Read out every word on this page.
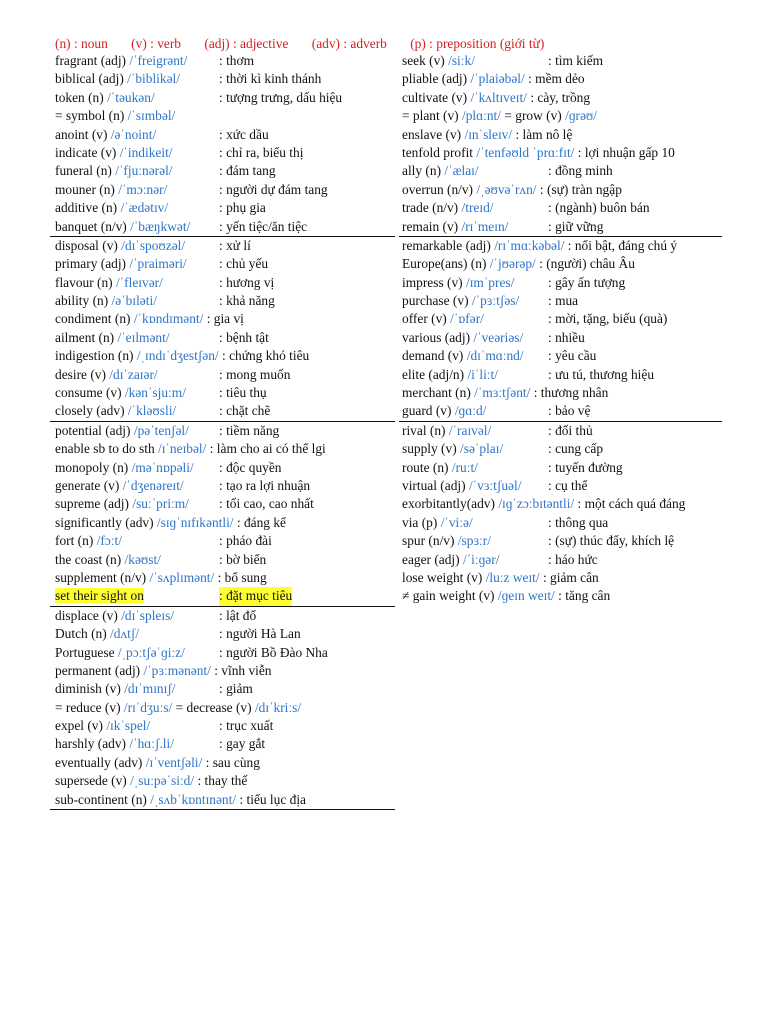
(n) : noun (v) : verb (adj) : adjective (adv) : adverb (p) : preposition (giới từ)
fragrant (adj) /ˈfreigrənt/ : thơm
biblical (adj) /ˈbiblikəl/	: thời kì kinh thánh
token (n) /ˈtəukən/	: tượng trưng, dấu hiệu
= symbol (n) /ˈsɪmbəl/
anoint (v) /əˈnoint/	: xức dầu
indicate (v) /ˈindikeit/	: chỉ ra, biểu thị
funeral (n) /ˈfjuːnərəl/	: đám tang
mouner (n) /ˈmɔːnər/	: người dự đám tang
additive (n) /ˈædətɪv/	: phụ gia
banquet (n/v) /ˈbæŋkwət/ : yến tiệc/ăn tiệc
disposal (v) /dɪˈspoʊzəl/	: xử lí
primary (adj) /ˈpraiməri/ : chủ yếu
flavour (n) /ˈfleɪvər/	: hương vị
ability (n) /əˈbɪləti/	: khả năng
condiment (n) /ˈkɒndɪmənt/ : gia vị
ailment (n) /ˈeɪlmənt/	: bệnh tật
indigestion (n) /ˌɪndɪˈdʒestʃən/ : chứng khó tiêu
desire (v) /dɪˈzaɪər/	: mong muốn
consume (v) /kənˈsjuːm/ : tiêu thụ
closely (adv) /ˈkləʊsli/	: chặt chẽ
potential (adj) /pəˈtenʃəl/ : tiềm năng
enable sb to do sth /ɪˈneɪbəl/ : làm cho ai có thể lgi
monopoly (n) /məˈnɒpəli/ : độc quyền
generate (v) /ˈdʒenəreɪt/	: tạo ra lợi nhuận
supreme (adj) /suːˈpriːm/ : tối cao, cao nhất
significantly (adv) /sɪɡˈnɪfɪkəntli/ : đáng kể
fort (n) /fɔːt/	: pháo đài
the coast (n) /kəʊst/	: bờ biển
supplement (n/v) /ˈsʌplɪmənt/ : bổ sung
set their sight on	: đặt mục tiêu
displace (v) /dɪˈspleɪs/	: lật đổ
Dutch (n) /dʌtʃ/	: người Hà Lan
Portuguese /ˌpɔːtʃəˈɡiːz/	: người Bồ Đào Nha
permanent (adj) /ˈpɜːmənənt/ : vĩnh viễn
diminish (v) /dɪˈmɪnɪʃ/	: giảm
= reduce (v) /rɪˈdʒuːs/ = decrease (v) /dɪˈkriːs/
expel (v) /ɪkˈspel/	: trục xuất
harshly (adv) /ˈhɑːʃ.li/	: gay gắt
eventually (adv) /ɪˈventʃəli/ : sau cùng
supersede (v) /ˌsuːpəˈsiːd/ : thay thế
sub-continent (n) /ˌsʌbˈkɒntɪnənt/ : tiểu lục địa
seek (v) /siːk/	: tìm kiếm
pliable (adj) /ˈplaiəbəl/ : mềm dẻo
cultivate (v) /ˈkʌltɪveɪt/ : cày, trồng
= plant (v) /plɑːnt/ = grow (v) /ɡrəʊ/
enslave (v) /ɪnˈsleɪv/ : làm nô lệ
tenfold profit /ˈtenfəʊld ˈprɑːfɪt/ : lợi nhuận gấp 10
ally (n) /ˈælaɪ/	: đồng minh
overrun (n/v) /ˌəʊvəˈrʌn/ : (sự) tràn ngập
trade (n/v) /treɪd/	: (ngành) buôn bán
remain (v) /rɪˈmeɪn/	: giữ vững
remarkable (adj) /rɪˈmɑːkəbəl/ : nổi bật, đáng chú ý
Europe(ans) (n) /ˈjʊərəp/ : (người) châu Âu
impress (v) /ɪmˈpres/	: gây ấn tượng
purchase (v) /ˈpɜːtʃəs/ : mua
offer (v) /ˈɒfər/	: mời, tặng, biếu (quà)
various (adj) /ˈveəriəs/ : nhiều
demand (v) /dɪˈmɑːnd/ : yêu cầu
elite (adj/n) /iˈliːt/	: ưu tú, thương hiệu
merchant (n) /ˈmɜːtʃənt/ : thương nhân
guard (v) /ɡɑːd/	: bảo vệ
rival (n) /ˈraɪvəl/	: đối thủ
supply (v) /səˈplaɪ/	: cung cấp
route (n) /ruːt/	: tuyến đường
virtual (adj) /ˈvɜːtʃuəl/ : cụ thể
exorbitantly(adv) /ɪɡˈzɔːbɪtəntli/ : một cách quá đáng
via (p) /ˈviːə/	: thông qua
spur (n/v) /spɜːr/	: (sự) thúc đẩy, khích lệ
eager (adj) /ˈiːɡər/	: háo hức
lose weight (v) /luːz weɪt/ : giảm cân
≠ gain weight (v) /ɡeɪn weɪt/ : tăng cân
